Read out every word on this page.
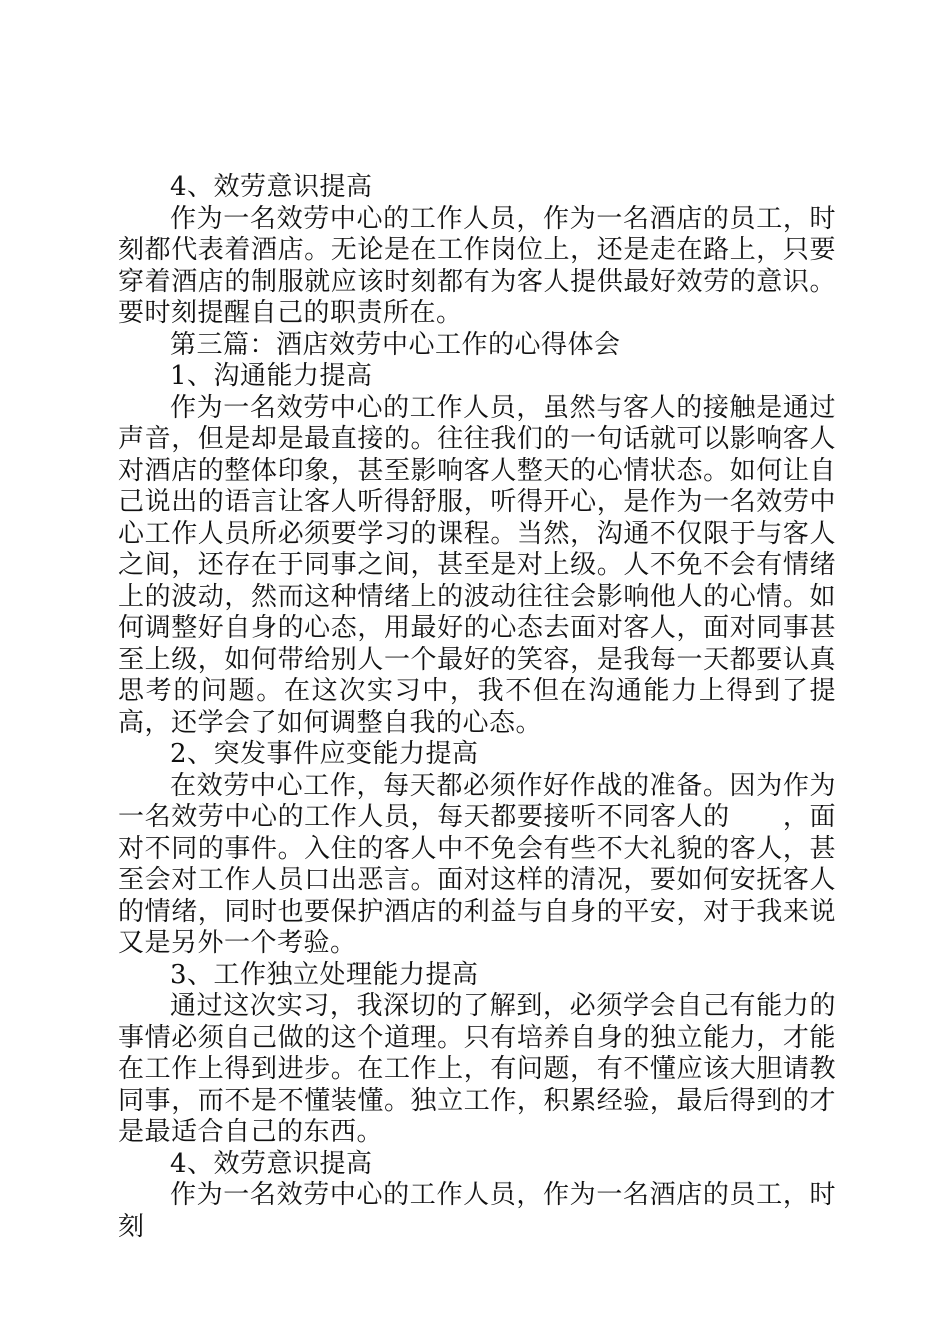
4、效劳意识提高

作为一名效劳中心的工作人员，作为一名酒店的员工，时刻都代表着酒店。无论是在工作岗位上，还是走在路上，只要穿着酒店的制服就应该时刻都有为客人提供最好效劳的意识。要时刻提醒自己的职责所在。

第三篇：酒店效劳中心工作的心得体会

1、沟通能力提高

作为一名效劳中心的工作人员，虽然与客人的接触是通过声音，但是却是最直接的。往往我们的一句话就可以影响客人对酒店的整体印象，甚至影响客人整天的心情状态。如何让自己说出的语言让客人听得舒服，听得开心，是作为一名效劳中心工作人员所必须要学习的课程。当然，沟通不仅限于与客人之间，还存在于同事之间，甚至是对上级。人不免不会有情绪上的波动，然而这种情绪上的波动往往会影响他人的心情。如何调整好自身的心态，用最好的心态去面对客人，面对同事甚至上级，如何带给别人一个最好的笑容，是我每一天都要认真思考的问题。在这次实习中，我不但在沟通能力上得到了提高，还学会了如何调整自我的心态。

2、突发事件应变能力提高

在效劳中心工作，每天都必须作好作战的准备。因为作为一名效劳中心的工作人员，每天都要接听不同客人的　　，面对不同的事件。入住的客人中不免会有些不大礼貌的客人，甚至会对工作人员口出恶言。面对这样的清况，要如何安抚客人的情绪，同时也要保护酒店的利益与自身的平安，对于我来说又是另外一个考验。

3、工作独立处理能力提高

通过这次实习，我深切的了解到，必须学会自己有能力的事情必须自己做的这个道理。只有培养自身的独立能力，才能在工作上得到进步。在工作上，有问题，有不懂应该大胆请教同事，而不是不懂装懂。独立工作，积累经验，最后得到的才是最适合自己的东西。

4、效劳意识提高

作为一名效劳中心的工作人员，作为一名酒店的员工，时刻
